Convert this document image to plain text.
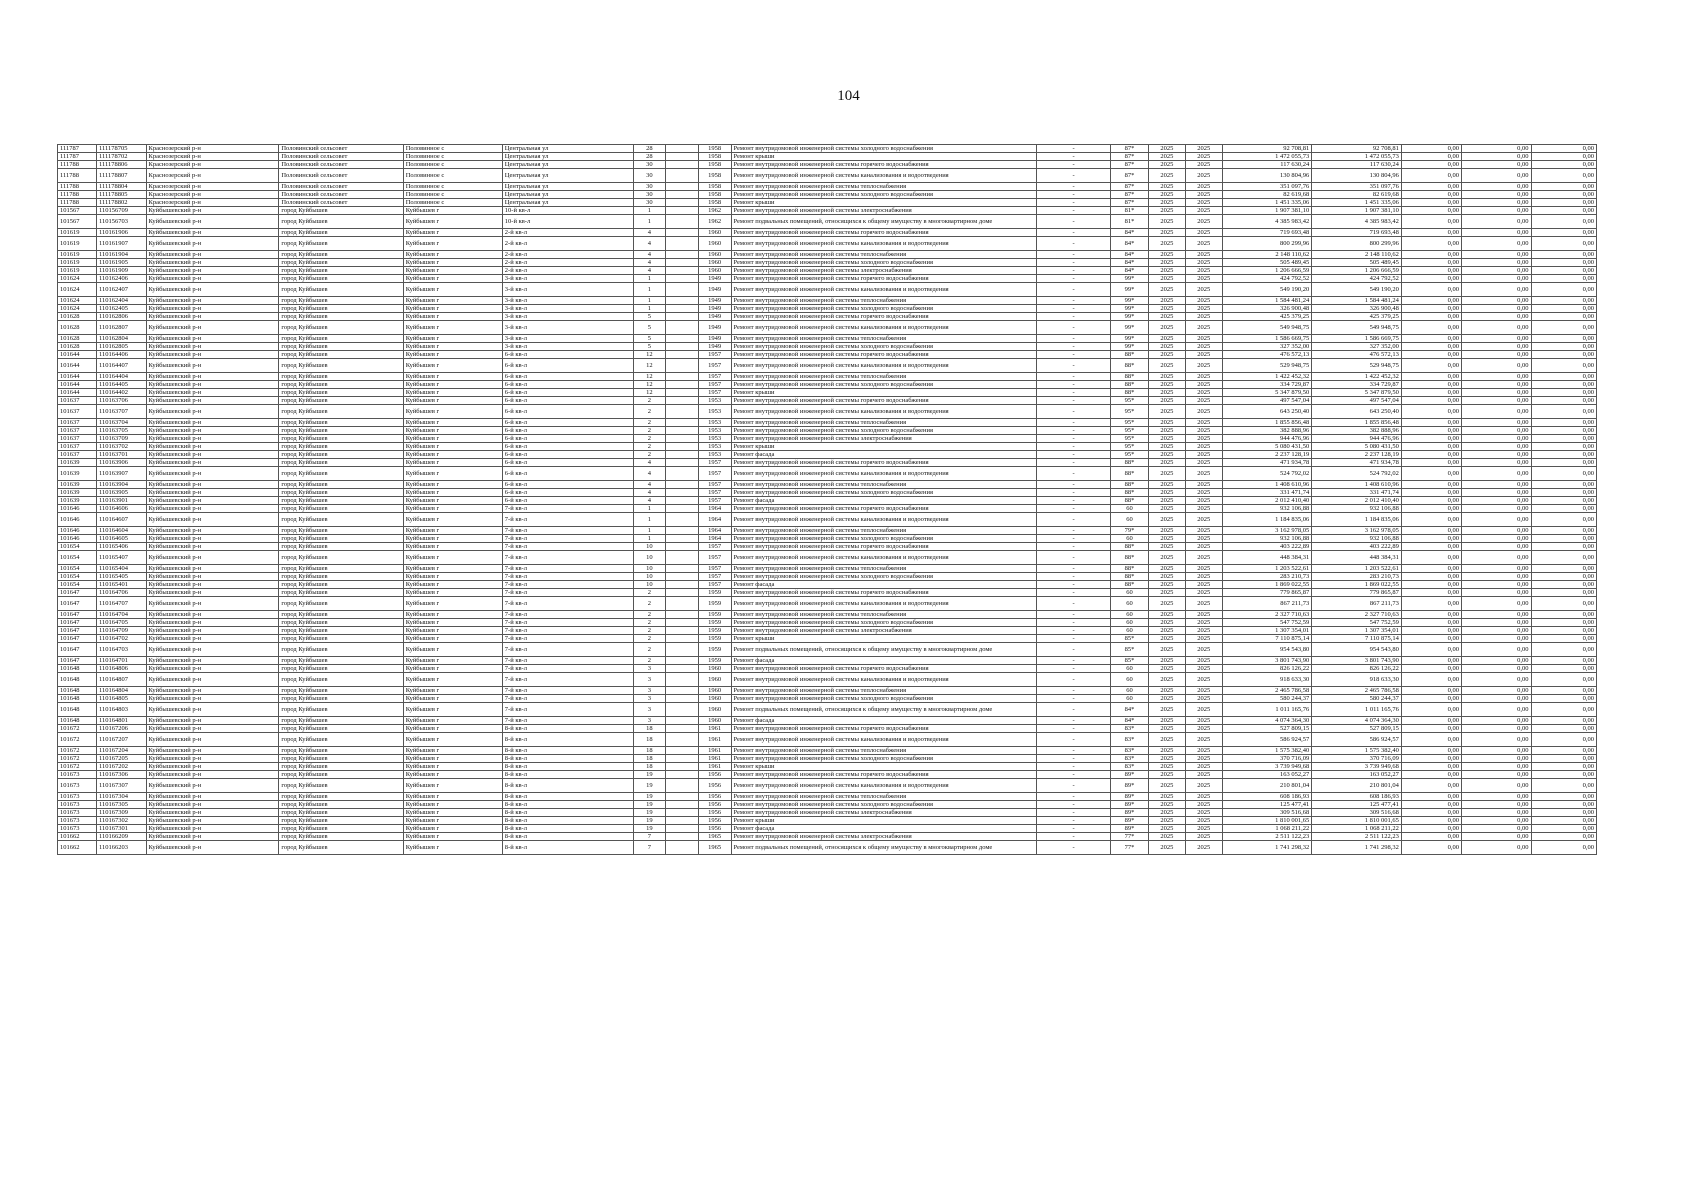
104
111787	111178705	Краснозерский р-н	Половинский сельсовет	Половинное с	Центральная ул	28		1958	Ремонт внутридомовой инженерной системы холодного водоснабжения	-	87*	2025	2025	92 708,81	92 708,81	0,00	0,00	0,00
111787	111178702	Краснозерский р-н	Половинский сельсовет	Половинное с	Центральная ул	28		1958	Ремонт крыши	-	87*	2025	2025	1 472 055,73	1 472 055,73	0,00	0,00	0,00
111788	111178806	Краснозерский р-н	Половинский сельсовет	Половинное с	Центральная ул	30		1958	Ремонт внутридомовой инженерной системы горячего водоснабжения	-	87*	2025	2025	117 630,24	117 630,24	0,00	0,00	0,00
111788	111178807	Краснозерский р-н	Половинский сельсовет	Половинное с	Центральная ул	30		1958	Ремонт внутридомовой инженерной системы канализования и водоотведения	-	87*	2025	2025	130 804,96	130 804,96	0,00	0,00	0,00
111788	111178804	Краснозерский р-н	Половинский сельсовет	Половинное с	Центральная ул	30		1958	Ремонт внутридомовой инженерной системы теплоснабжения	-	87*	2025	2025	351 097,76	351 097,76	0,00	0,00	0,00
111788	111178805	Краснозерский р-н	Половинский сельсовет	Половинное с	Центральная ул	30		1958	Ремонт внутридомовой инженерной системы холодного водоснабжения	-	87*	2025	2025	82 619,68	82 619,68	0,00	0,00	0,00
111788	111178802	Краснозерский р-н	Половинский сельсовет	Половинное с	Центральная ул	30		1958	Ремонт крыши	-	87*	2025	2025	1 451 335,06	1 451 335,06	0,00	0,00	0,00
101567	110156709	Куйбышевский р-н	город Куйбышев	Куйбышев г	10-й кв-л	1		1962	Ремонт внутридомовой инженерной системы электроснабжения	-	81*	2025	2025	1 907 381,10	1 907 381,10	0,00	0,00	0,00
101567	110156703	Куйбышевский р-н	город Куйбышев	Куйбышев г	10-й кв-л	1		1962	Ремонт подвальных помещений, относящихся к общему имуществу в многоквартирном доме	-	81*	2025	2025	4 385 983,42	4 385 983,42	0,00	0,00	0,00
101619	110161906	Куйбышевский р-н	город Куйбышев	Куйбышев г	2-й кв-л	4		1960	Ремонт внутридомовой инженерной системы горячего водоснабжения	-	84*	2025	2025	719 693,48	719 693,48	0,00	0,00	0,00
101619	110161907	Куйбышевский р-н	город Куйбышев	Куйбышев г	2-й кв-л	4		1960	Ремонт внутридомовой инженерной системы канализования и водоотведения	-	84*	2025	2025	800 299,96	800 299,96	0,00	0,00	0,00
101619	110161904	Куйбышевский р-н	город Куйбышев	Куйбышев г	2-й кв-л	4		1960	Ремонт внутридомовой инженерной системы теплоснабжения	-	84*	2025	2025	2 148 110,62	2 148 110,62	0,00	0,00	0,00
101619	110161905	Куйбышевский р-н	город Куйбышев	Куйбышев г	2-й кв-л	4		1960	Ремонт внутридомовой инженерной системы холодного водоснабжения	-	84*	2025	2025	505 489,45	505 489,45	0,00	0,00	0,00
101619	110161909	Куйбышевский р-н	город Куйбышев	Куйбышев г	2-й кв-л	4		1960	Ремонт внутридомовой инженерной системы электроснабжения	-	84*	2025	2025	1 206 666,59	1 206 666,59	0,00	0,00	0,00
101624	110162406	Куйбышевский р-н	город Куйбышев	Куйбышев г	3-й кв-л	1		1949	Ремонт внутридомовой инженерной системы горячего водоснабжения	-	99*	2025	2025	424 792,52	424 792,52	0,00	0,00	0,00
101624	110162407	Куйбышевский р-н	город Куйбышев	Куйбышев г	3-й кв-л	1		1949	Ремонт внутридомовой инженерной системы канализования и водоотведения	-	99*	2025	2025	549 190,20	549 190,20	0,00	0,00	0,00
101624	110162404	Куйбышевский р-н	город Куйбышев	Куйбышев г	3-й кв-л	1		1949	Ремонт внутридомовой инженерной системы теплоснабжения	-	99*	2025	2025	1 584 481,24	1 584 481,24	0,00	0,00	0,00
101624	110162405	Куйбышевский р-н	город Куйбышев	Куйбышев г	3-й кв-л	1		1949	Ремонт внутридомовой инженерной системы холодного водоснабжения	-	99*	2025	2025	326 900,48	326 900,48	0,00	0,00	0,00
101628	110162806	Куйбышевский р-н	город Куйбышев	Куйбышев г	3-й кв-л	5		1949	Ремонт внутридомовой инженерной системы горячего водоснабжения	-	99*	2025	2025	425 379,25	425 379,25	0,00	0,00	0,00
101628	110162807	Куйбышевский р-н	город Куйбышев	Куйбышев г	3-й кв-л	5		1949	Ремонт внутридомовой инженерной системы канализования и водоотведения	-	99*	2025	2025	549 948,75	549 948,75	0,00	0,00	0,00
101628	110162804	Куйбышевский р-н	город Куйбышев	Куйбышев г	3-й кв-л	5		1949	Ремонт внутридомовой инженерной системы теплоснабжения	-	99*	2025	2025	1 586 669,75	1 586 669,75	0,00	0,00	0,00
101628	110162805	Куйбышевский р-н	город Куйбышев	Куйбышев г	3-й кв-л	5		1949	Ремонт внутридомовой инженерной системы холодного водоснабжения	-	99*	2025	2025	327 352,00	327 352,00	0,00	0,00	0,00
101644	110164406	Куйбышевский р-н	город Куйбышев	Куйбышев г	6-й кв-л	12		1957	Ремонт внутридомовой инженерной системы горячего водоснабжения	-	88*	2025	2025	476 572,13	476 572,13	0,00	0,00	0,00
101644	110164407	Куйбышевский р-н	город Куйбышев	Куйбышев г	6-й кв-л	12		1957	Ремонт внутридомовой инженерной системы канализования и водоотведения	-	88*	2025	2025	529 948,75	529 948,75	0,00	0,00	0,00
101644	110164404	Куйбышевский р-н	город Куйбышев	Куйбышев г	6-й кв-л	12		1957	Ремонт внутридомовой инженерной системы теплоснабжения	-	88*	2025	2025	1 422 452,32	1 422 452,32	0,00	0,00	0,00
101644	110164405	Куйбышевский р-н	город Куйбышев	Куйбышев г	6-й кв-л	12		1957	Ремонт внутридомовой инженерной системы холодного водоснабжения	-	88*	2025	2025	334 729,87	334 729,87	0,00	0,00	0,00
101644	110164402	Куйбышевский р-н	город Куйбышев	Куйбышев г	6-й кв-л	12		1957	Ремонт крыши	-	88*	2025	2025	5 347 879,50	5 347 879,50	0,00	0,00	0,00
101637	110163706	Куйбышевский р-н	город Куйбышев	Куйбышев г	6-й кв-л	2		1953	Ремонт внутридомовой инженерной системы горячего водоснабжения	-	95*	2025	2025	497 547,04	497 547,04	0,00	0,00	0,00
101637	110163707	Куйбышевский р-н	город Куйбышев	Куйбышев г	6-й кв-л	2		1953	Ремонт внутридомовой инженерной системы канализования и водоотведения	-	95*	2025	2025	643 250,40	643 250,40	0,00	0,00	0,00
101637	110163704	Куйбышевский р-н	город Куйбышев	Куйбышев г	6-й кв-л	2		1953	Ремонт внутридомовой инженерной системы теплоснабжения	-	95*	2025	2025	1 855 856,48	1 855 856,48	0,00	0,00	0,00
101637	110163705	Куйбышевский р-н	город Куйбышев	Куйбышев г	6-й кв-л	2		1953	Ремонт внутридомовой инженерной системы холодного водоснабжения	-	95*	2025	2025	382 888,96	382 888,96	0,00	0,00	0,00
101637	110163709	Куйбышевский р-н	город Куйбышев	Куйбышев г	6-й кв-л	2		1953	Ремонт внутридомовой инженерной системы электроснабжения	-	95*	2025	2025	944 476,96	944 476,96	0,00	0,00	0,00
101637	110163702	Куйбышевский р-н	город Куйбышев	Куйбышев г	6-й кв-л	2		1953	Ремонт крыши	-	95*	2025	2025	5 080 431,50	5 080 431,50	0,00	0,00	0,00
101637	110163701	Куйбышевский р-н	город Куйбышев	Куйбышев г	6-й кв-л	2		1953	Ремонт фасада	-	95*	2025	2025	2 237 128,19	2 237 128,19	0,00	0,00	0,00
101639	110163906	Куйбышевский р-н	город Куйбышев	Куйбышев г	6-й кв-л	4		1957	Ремонт внутридомовой инженерной системы горячего водоснабжения	-	88*	2025	2025	471 934,78	471 934,78	0,00	0,00	0,00
101639	110163907	Куйбышевский р-н	город Куйбышев	Куйбышев г	6-й кв-л	4		1957	Ремонт внутридомовой инженерной системы канализования и водоотведения	-	88*	2025	2025	524 792,02	524 792,02	0,00	0,00	0,00
101639	110163904	Куйбышевский р-н	город Куйбышев	Куйбышев г	6-й кв-л	4		1957	Ремонт внутридомовой инженерной системы теплоснабжения	-	88*	2025	2025	1 408 610,96	1 408 610,96	0,00	0,00	0,00
101639	110163905	Куйбышевский р-н	город Куйбышев	Куйбышев г	6-й кв-л	4		1957	Ремонт внутридомовой инженерной системы холодного водоснабжения	-	88*	2025	2025	331 471,74	331 471,74	0,00	0,00	0,00
101639	110163901	Куйбышевский р-н	город Куйбышев	Куйбышев г	6-й кв-л	4		1957	Ремонт фасада	-	88*	2025	2025	2 012 410,40	2 012 410,40	0,00	0,00	0,00
101646	110164606	Куйбышевский р-н	город Куйбышев	Куйбышев г	7-й кв-л	1		1964	Ремонт внутридомовой инженерной системы горячего водоснабжения	-	60	2025	2025	932 106,88	932 106,88	0,00	0,00	0,00
101646	110164607	Куйбышевский р-н	город Куйбышев	Куйбышев г	7-й кв-л	1		1964	Ремонт внутридомовой инженерной системы канализования и водоотведения	-	60	2025	2025	1 184 835,06	1 184 835,06	0,00	0,00	0,00
101646	110164604	Куйбышевский р-н	город Куйбышев	Куйбышев г	7-й кв-л	1		1964	Ремонт внутридомовой инженерной системы теплоснабжения	-	79*	2025	2025	3 162 978,05	3 162 978,05	0,00	0,00	0,00
101646	110164605	Куйбышевский р-н	город Куйбышев	Куйбышев г	7-й кв-л	1		1964	Ремонт внутридомовой инженерной системы холодного водоснабжения	-	60	2025	2025	932 106,88	932 106,88	0,00	0,00	0,00
101654	110165406	Куйбышевский р-н	город Куйбышев	Куйбышев г	7-й кв-л	10		1957	Ремонт внутридомовой инженерной системы горячего водоснабжения	-	88*	2025	2025	403 222,89	403 222,89	0,00	0,00	0,00
101654	110165407	Куйбышевский р-н	город Куйбышев	Куйбышев г	7-й кв-л	10		1957	Ремонт внутридомовой инженерной системы канализования и водоотведения	-	88*	2025	2025	448 384,31	448 384,31	0,00	0,00	0,00
101654	110165404	Куйбышевский р-н	город Куйбышев	Куйбышев г	7-й кв-л	10		1957	Ремонт внутридомовой инженерной системы теплоснабжения	-	88*	2025	2025	1 203 522,61	1 203 522,61	0,00	0,00	0,00
101654	110165405	Куйбышевский р-н	город Куйбышев	Куйбышев г	7-й кв-л	10		1957	Ремонт внутридомовой инженерной системы холодного водоснабжения	-	88*	2025	2025	283 210,73	283 210,73	0,00	0,00	0,00
101654	110165401	Куйбышевский р-н	город Куйбышев	Куйбышев г	7-й кв-л	10		1957	Ремонт фасада	-	88*	2025	2025	1 869 022,55	1 869 022,55	0,00	0,00	0,00
101647	110164706	Куйбышевский р-н	город Куйбышев	Куйбышев г	7-й кв-л	2		1959	Ремонт внутридомовой инженерной системы горячего водоснабжения	-	60	2025	2025	779 865,87	779 865,87	0,00	0,00	0,00
101647	110164707	Куйбышевский р-н	город Куйбышев	Куйбышев г	7-й кв-л	2		1959	Ремонт внутридомовой инженерной системы канализования и водоотведения	-	60	2025	2025	867 211,73	867 211,73	0,00	0,00	0,00
101647	110164704	Куйбышевский р-н	город Куйбышев	Куйбышев г	7-й кв-л	2		1959	Ремонт внутридомовой инженерной системы теплоснабжения	-	60	2025	2025	2 327 710,63	2 327 710,63	0,00	0,00	0,00
101647	110164705	Куйбышевский р-н	город Куйбышев	Куйбышев г	7-й кв-л	2		1959	Ремонт внутридомовой инженерной системы холодного водоснабжения	-	60	2025	2025	547 752,59	547 752,59	0,00	0,00	0,00
101647	110164709	Куйбышевский р-н	город Куйбышев	Куйбышев г	7-й кв-л	2		1959	Ремонт внутридомовой инженерной системы электроснабжения	-	60	2025	2025	1 307 354,01	1 307 354,01	0,00	0,00	0,00
101647	110164702	Куйбышевский р-н	город Куйбышев	Куйбышев г	7-й кв-л	2		1959	Ремонт крыши	-	85*	2025	2025	7 110 875,14	7 110 875,14	0,00	0,00	0,00
101647	110164703	Куйбышевский р-н	город Куйбышев	Куйбышев г	7-й кв-л	2		1959	Ремонт подвальных помещений, относящихся к общему имуществу в многоквартирном доме	-	85*	2025	2025	954 543,80	954 543,80	0,00	0,00	0,00
101647	110164701	Куйбышевский р-н	город Куйбышев	Куйбышев г	7-й кв-л	2		1959	Ремонт фасада	-	85*	2025	2025	3 801 743,90	3 801 743,90	0,00	0,00	0,00
101648	110164806	Куйбышевский р-н	город Куйбышев	Куйбышев г	7-й кв-л	3		1960	Ремонт внутридомовой инженерной системы горячего водоснабжения	-	60	2025	2025	826 126,22	826 126,22	0,00	0,00	0,00
101648	110164807	Куйбышевский р-н	город Куйбышев	Куйбышев г	7-й кв-л	3		1960	Ремонт внутридомовой инженерной системы канализования и водоотведения	-	60	2025	2025	918 633,30	918 633,30	0,00	0,00	0,00
101648	110164804	Куйбышевский р-н	город Куйбышев	Куйбышев г	7-й кв-л	3		1960	Ремонт внутридомовой инженерной системы теплоснабжения	-	60	2025	2025	2 465 786,58	2 465 786,58	0,00	0,00	0,00
101648	110164805	Куйбышевский р-н	город Куйбышев	Куйбышев г	7-й кв-л	3		1960	Ремонт внутридомовой инженерной системы холодного водоснабжения	-	60	2025	2025	580 244,37	580 244,37	0,00	0,00	0,00
101648	110164803	Куйбышевский р-н	город Куйбышев	Куйбышев г	7-й кв-л	3		1960	Ремонт подвальных помещений, относящихся к общему имуществу в многоквартирном доме	-	84*	2025	2025	1 011 165,76	1 011 165,76	0,00	0,00	0,00
101648	110164801	Куйбышевский р-н	город Куйбышев	Куйбышев г	7-й кв-л	3		1960	Ремонт фасада	-	84*	2025	2025	4 074 364,30	4 074 364,30	0,00	0,00	0,00
101672	110167206	Куйбышевский р-н	город Куйбышев	Куйбышев г	8-й кв-л	18		1961	Ремонт внутридомовой инженерной системы горячего водоснабжения	-	83*	2025	2025	527 809,15	527 809,15	0,00	0,00	0,00
101672	110167207	Куйбышевский р-н	город Куйбышев	Куйбышев г	8-й кв-л	18		1961	Ремонт внутридомовой инженерной системы канализования и водоотведения	-	83*	2025	2025	586 924,57	586 924,57	0,00	0,00	0,00
101672	110167204	Куйбышевский р-н	город Куйбышев	Куйбышев г	8-й кв-л	18		1961	Ремонт внутридомовой инженерной системы теплоснабжения	-	83*	2025	2025	1 575 382,40	1 575 382,40	0,00	0,00	0,00
101672	110167205	Куйбышевский р-н	город Куйбышев	Куйбышев г	8-й кв-л	18		1961	Ремонт внутридомовой инженерной системы холодного водоснабжения	-	83*	2025	2025	370 716,09	370 716,09	0,00	0,00	0,00
101672	110167202	Куйбышевский р-н	город Куйбышев	Куйбышев г	8-й кв-л	18		1961	Ремонт крыши	-	83*	2025	2025	3 739 949,68	3 739 949,68	0,00	0,00	0,00
101673	110167306	Куйбышевский р-н	город Куйбышев	Куйбышев г	8-й кв-л	19		1956	Ремонт внутридомовой инженерной системы горячего водоснабжения	-	89*	2025	2025	163 052,27	163 052,27	0,00	0,00	0,00
101673	110167307	Куйбышевский р-н	город Куйбышев	Куйбышев г	8-й кв-л	19		1956	Ремонт внутридомовой инженерной системы канализования и водоотведения	-	89*	2025	2025	210 801,04	210 801,04	0,00	0,00	0,00
101673	110167304	Куйбышевский р-н	город Куйбышев	Куйбышев г	8-й кв-л	19		1956	Ремонт внутридомовой инженерной системы теплоснабжения	-	89*	2025	2025	608 186,93	608 186,93	0,00	0,00	0,00
101673	110167305	Куйбышевский р-н	город Куйбышев	Куйбышев г	8-й кв-л	19		1956	Ремонт внутридомовой инженерной системы холодного водоснабжения	-	89*	2025	2025	125 477,41	125 477,41	0,00	0,00	0,00
101673	110167309	Куйбышевский р-н	город Куйбышев	Куйбышев г	8-й кв-л	19		1956	Ремонт внутридомовой инженерной системы электроснабжения	-	89*	2025	2025	309 516,68	309 516,68	0,00	0,00	0,00
101673	110167302	Куйбышевский р-н	город Куйбышев	Куйбышев г	8-й кв-л	19		1956	Ремонт крыши	-	89*	2025	2025	1 810 001,65	1 810 001,65	0,00	0,00	0,00
101673	110167301	Куйбышевский р-н	город Куйбышев	Куйбышев г	8-й кв-л	19		1956	Ремонт фасада	-	89*	2025	2025	1 068 211,22	1 068 211,22	0,00	0,00	0,00
101662	110166209	Куйбышевский р-н	город Куйбышев	Куйбышев г	8-й кв-л	7		1965	Ремонт внутридомовой инженерной системы электроснабжения	-	77*	2025	2025	2 511 122,23	2 511 122,23	0,00	0,00	0,00
101662	110166203	Куйбышевский р-н	город Куйбышев	Куйбышев г	8-й кв-л	7		1965	Ремонт подвальных помещений, относящихся к общему имуществу в многоквартирном доме	-	77*	2025	2025	1 741 298,32	1 741 298,32	0,00	0,00	0,00
